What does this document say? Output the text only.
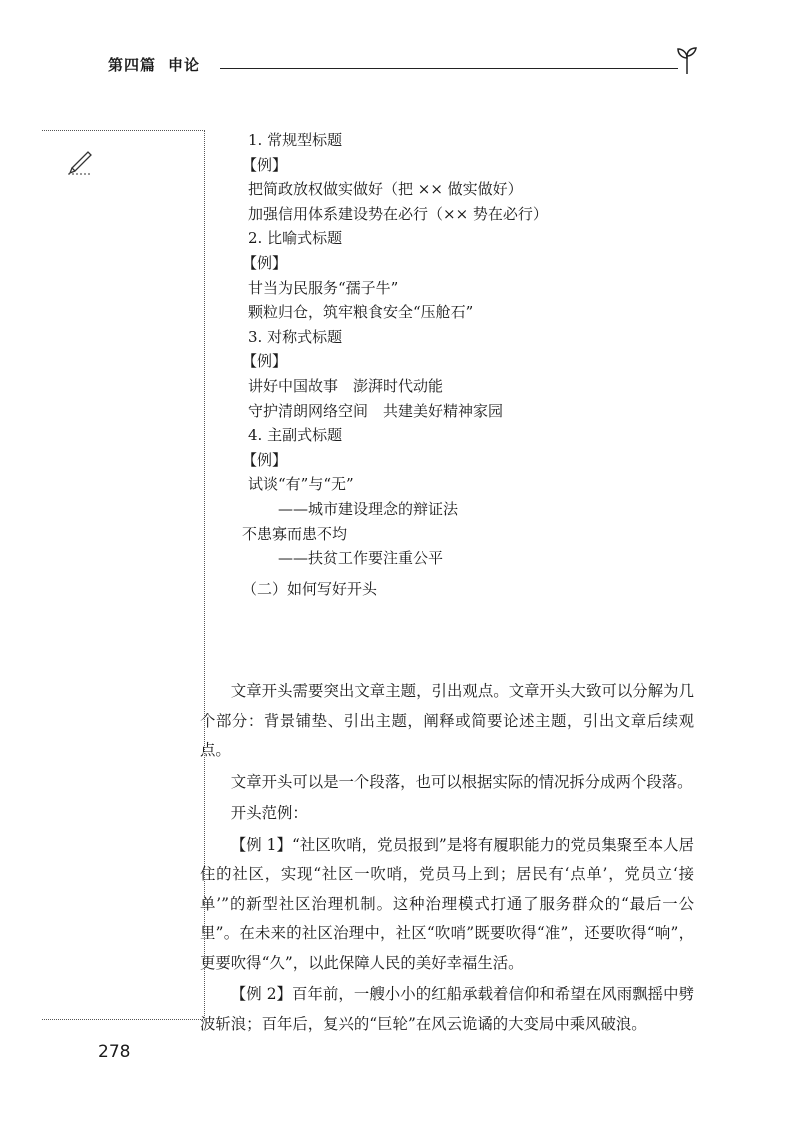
第四篇 申论
1. 常规型标题
【例】
把简政放权做实做好（把 ×× 做实做好）
加强信用体系建设势在必行（×× 势在必行）
2. 比喻式标题
【例】
甘当为民服务“孺子牛”
颗粒归仓，筑牢粮食安全“压舱石”
3. 对称式标题
【例】
讲好中国故事　澎湃时代动能
守护清朗网络空间　共建美好精神家园
4. 主副式标题
【例】
试谈“有”与“无”
——城市建设理念的辩证法
不患寡而患不均
——扶贫工作要注重公平
（二）如何写好开头

文章开头需要突出文章主题，引出观点。文章开头大致可以分解为几个部分：背景铺垫、引出主题，阐释或简要论述主题，引出文章后续观点。

文章开头可以是一个段落，也可以根据实际的情况拆分成两个段落。

开头范例：

【例 1】“社区吹哨，党员报到”是将有履职能力的党员集聚至本人居住的社区，实现“社区一吹哨，党员马上到；居民有‘点单’，党员立‘接单’”的新型社区治理机制。这种治理模式打通了服务群众的“最后一公里”。在未来的社区治理中，社区“吹哨”既要吹得“准”，还要吹得“响”，更要吹得“久”，以此保障人民的美好幸福生活。

【例 2】百年前，一艘小小的红船承载着信仰和希望在风雨飘摇中劈波斩浪；百年后，复兴的“巨轮”在风云诡谲的大变局中乘风破浪。

278
